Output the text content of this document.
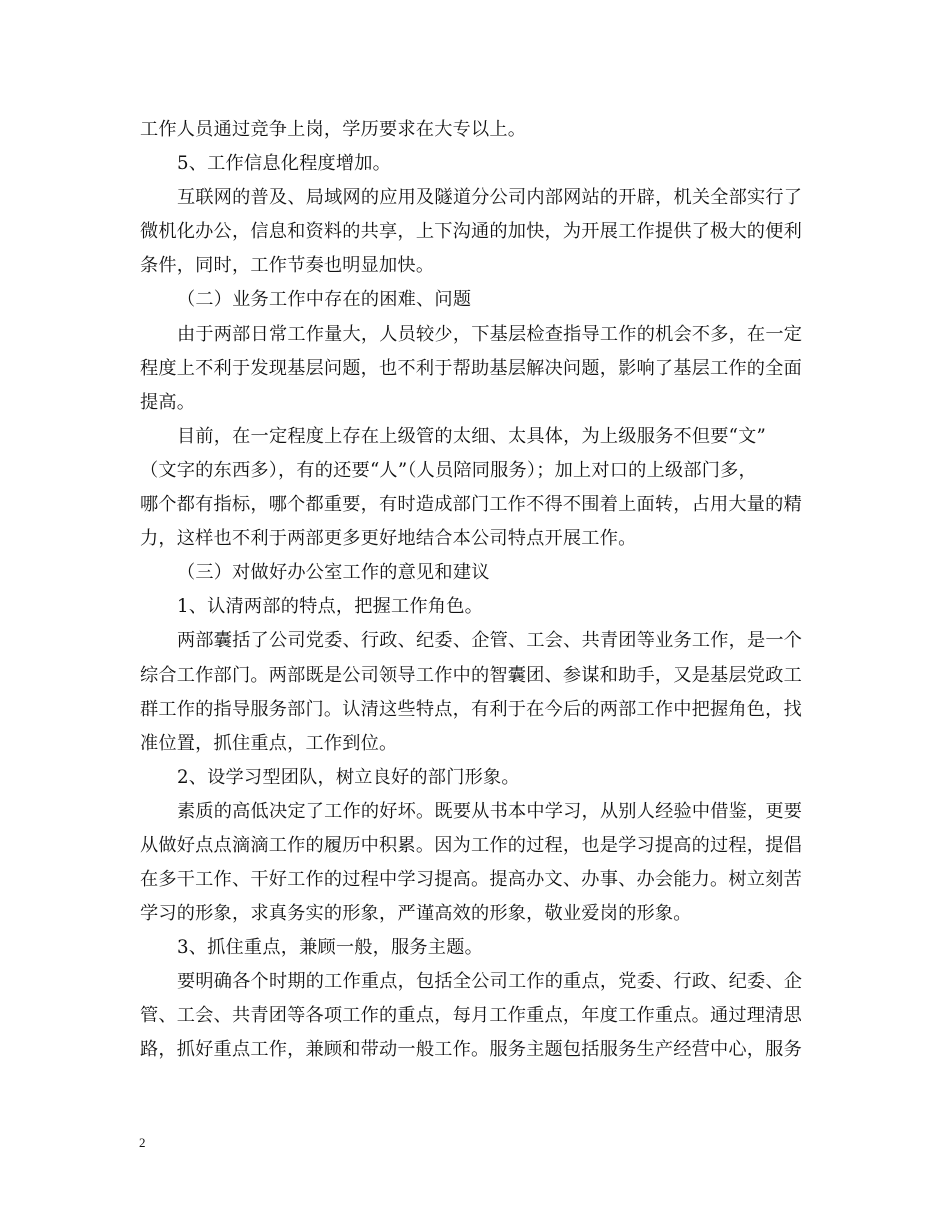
工作人员通过竞争上岗，学历要求在大专以上。
5、工作信息化程度增加。
互联网的普及、局域网的应用及隧道分公司内部网站的开辟，机关全部实行了
微机化办公，信息和资料的共享，上下沟通的加快，为开展工作提供了极大的便利
条件，同时，工作节奏也明显加快。
（二）业务工作中存在的困难、问题
由于两部日常工作量大，人员较少，下基层检查指导工作的机会不多，在一定
程度上不利于发现基层问题，也不利于帮助基层解决问题，影响了基层工作的全面
提高。
目前，在一定程度上存在上级管的太细、太具体，为上级服务不但要“文”
（文字的东西多），有的还要“人”（人员陪同服务）；加上对口的上级部门多，
哪个都有指标，哪个都重要，有时造成部门工作不得不围着上面转，占用大量的精
力，这样也不利于两部更多更好地结合本公司特点开展工作。
（三）对做好办公室工作的意见和建议
1、认清两部的特点，把握工作角色。
两部囊括了公司党委、行政、纪委、企管、工会、共青团等业务工作，是一个
综合工作部门。两部既是公司领导工作中的智囊团、参谋和助手，又是基层党政工
群工作的指导服务部门。认清这些特点，有利于在今后的两部工作中把握角色，找
准位置，抓住重点，工作到位。
2、设学习型团队，树立良好的部门形象。
素质的高低决定了工作的好坏。既要从书本中学习，从别人经验中借鉴，更要
从做好点点滴滴工作的履历中积累。因为工作的过程，也是学习提高的过程，提倡
在多干工作、干好工作的过程中学习提高。提高办文、办事、办会能力。树立刻苦
学习的形象，求真务实的形象，严谨高效的形象，敬业爱岗的形象。
3、抓住重点，兼顾一般，服务主题。
要明确各个时期的工作重点，包括全公司工作的重点，党委、行政、纪委、企
管、工会、共青团等各项工作的重点，每月工作重点，年度工作重点。通过理清思
路，抓好重点工作，兼顾和带动一般工作。服务主题包括服务生产经营中心，服务
2
